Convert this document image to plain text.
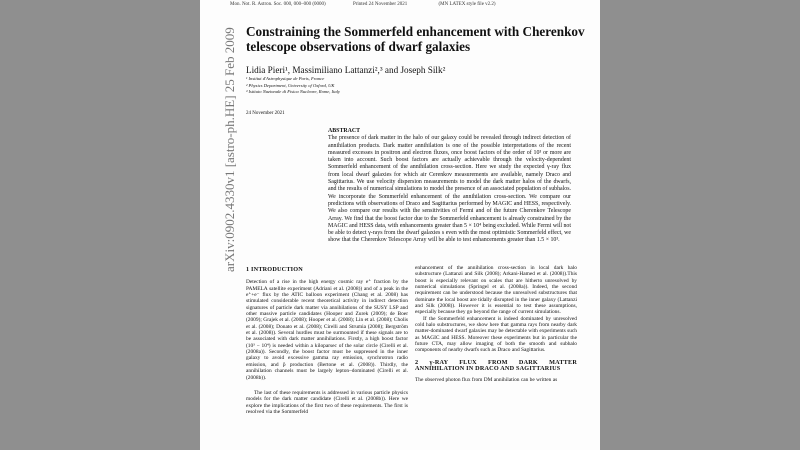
Mon. Not. R. Astron. Soc. 000, 000–000 (0000)	Printed 24 November 2021	(MN LATEX style file v2.2)
Constraining the Sommerfeld enhancement with Cherenkov telescope observations of dwarf galaxies
Lidia Pieri¹, Massimiliano Lattanzi²,³ and Joseph Silk²
¹ Institut d'Astrophysique de Paris, France
² Physics Department, University of Oxford, UK
³ Istituto Nazionale di Fisica Nucleare, Rome, Italy
24 November 2021
arXiv:0902.4330v1 [astro-ph.HE] 25 Feb 2009	ABSTRACT

The presence of dark matter in the halo of our galaxy could be revealed through indirect detection of annihilation products. Dark matter annihilation is one of the possible interpretations of the recent measured excesses in positron and electron fluxes, once boost factors of the order of 10³ or more are taken into account. Such boost factors are actually achievable through the velocity-dependent Sommerfeld enhancement of the annihilation cross-section. Here we study the expected γ-ray flux from local dwarf galaxies for which air Cerenkov measurements are available, namely Draco and Sagittarius. We use velocity dispersion measurements to model the dark matter halos of the dwarfs, and the results of numerical simulations to model the presence of an associated population of subhalos. We incorporate the Sommerfeld enhancement of the annihilation cross-section. We compare our predictions with observations of Draco and Sagittarius performed by MAGIC and HESS, respectively. We also compare our results with the sensitivities of Fermi and of the future Cherenkov Telescope Array. We find that the boost factor due to the Sommerfeld enhancement is already constrained by the MAGIC and HESS data, with enhancements greater than 5 × 10⁴ being excluded. While Fermi will not be able to detect γ-rays from the dwarf galaxies s even with the most optimistic Sommerfeld effect, we show that the Cherenkov Telescope Array will be able to test enhancements greater than 1.5 × 10³.

1 INTRODUCTION

Detection of a rise in the high energy cosmic ray e⁺ fraction by the PAMELA satellite experiment (Adriani et al. (2008)) and of a peak in the e⁺+e⁻ flux by the ATIC balloon experiment (Chang et al. 2008) has stimulated considerable recent theoretical activity in indirect detection signatures of particle dark matter via annihilations of the SUSY LSP and other massive particle candidates (Hooper and Zurek (2009); de Boer (2009); Grajek et al. (2008); Hooper et al. (2008); Lin et al. (2008); Cholis et al. (2008); Donato et al. (2008); Cirelli and Strumia (2008); Bergström et al. (2008)). Several hurdles must be surmounted if these signals are to be associated with dark matter annihilations. Firstly, a high boost factor (10³ − 10⁴) is needed within a kiloparsec of the solar circle (Cirelli et al. (2008a)). Secondly, the boost factor must be suppressed in the inner galaxy to avoid excessive gamma ray emission, synchrotron radio emission, and p̄ production (Bertone et al. (2008)). Thirdly, the annihilation channels must be largely lepton–dominated (Cirelli et al. (2008b)).

The last of these requirements is addressed in various particle physics models for the dark matter candidate (Cirelli et al. (2008b)). Here we explore the implications of the first two of these requirements. The first is resolved via the Sommerfeld

enhancement of the annihilation cross-section in local dark halo substructure (Lattanzi and Silk (2008); Arkani-Hamed et al. (2008)).This boost is especially relevant on scales that are hitherto unresolved by numerical simulations (Springel et al. (2008a)). Indeed, the second requirement can be understood because the unresolved substructures that dominate the local boost are tidally disrupted in the inner galaxy (Lattanzi and Silk (2008)). However it is essential to test these assumptions, especially because they go beyond the range of current simulations.

If the Sommerfeld enhancement is indeed dominated by unresolved cold halo substructures, we show here that gamma rays from nearby dark matter-dominated dwarf galaxies may be detectable with experiments such as MAGIC and HESS. Moreover these experiments but in particular the future CTA, may allow imaging of both the smooth and subhalo components of nearby dwarfs such as Draco and Sagittarius.

2 γ-RAY FLUX FROM DARK MATTER ANNIHILATION IN DRACO AND SAGITTARIUS

The observed photon flux from DM annihilation can be written as
